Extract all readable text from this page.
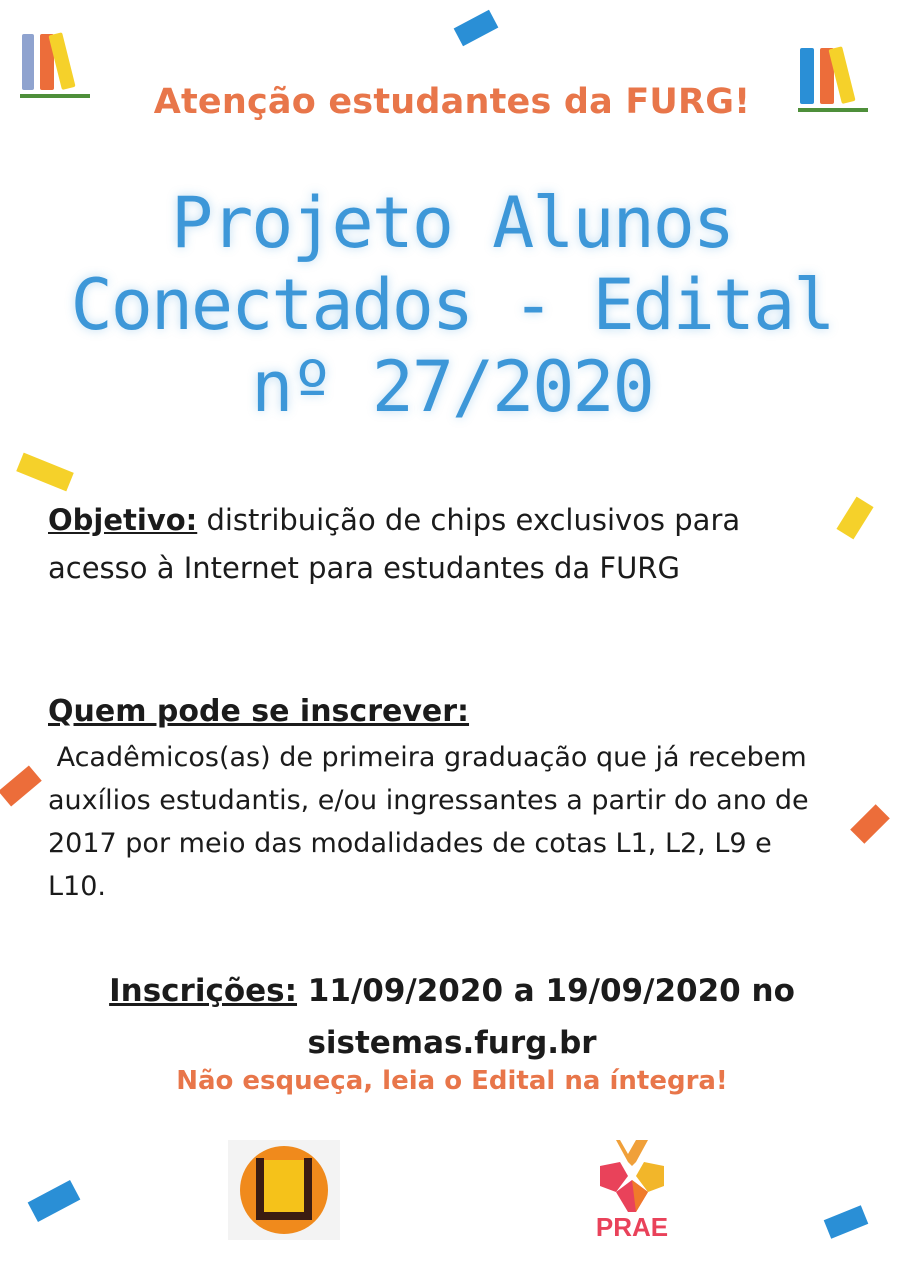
Atenção estudantes da FURG!
Projeto Alunos
Conectados - Edital
nº 27/2020
Objetivo: distribuição de chips exclusivos para acesso à Internet para estudantes da FURG
Quem pode se inscrever:
Acadêmicos(as) de primeira graduação que já recebem auxílios estudantis, e/ou ingressantes a partir do ano de 2017 por meio das modalidades de cotas L1, L2, L9 e L10.
Inscrições: 11/09/2020 a 19/09/2020 no sistemas.furg.br
Não esqueça, leia o Edital na íntegra!
PRAE
